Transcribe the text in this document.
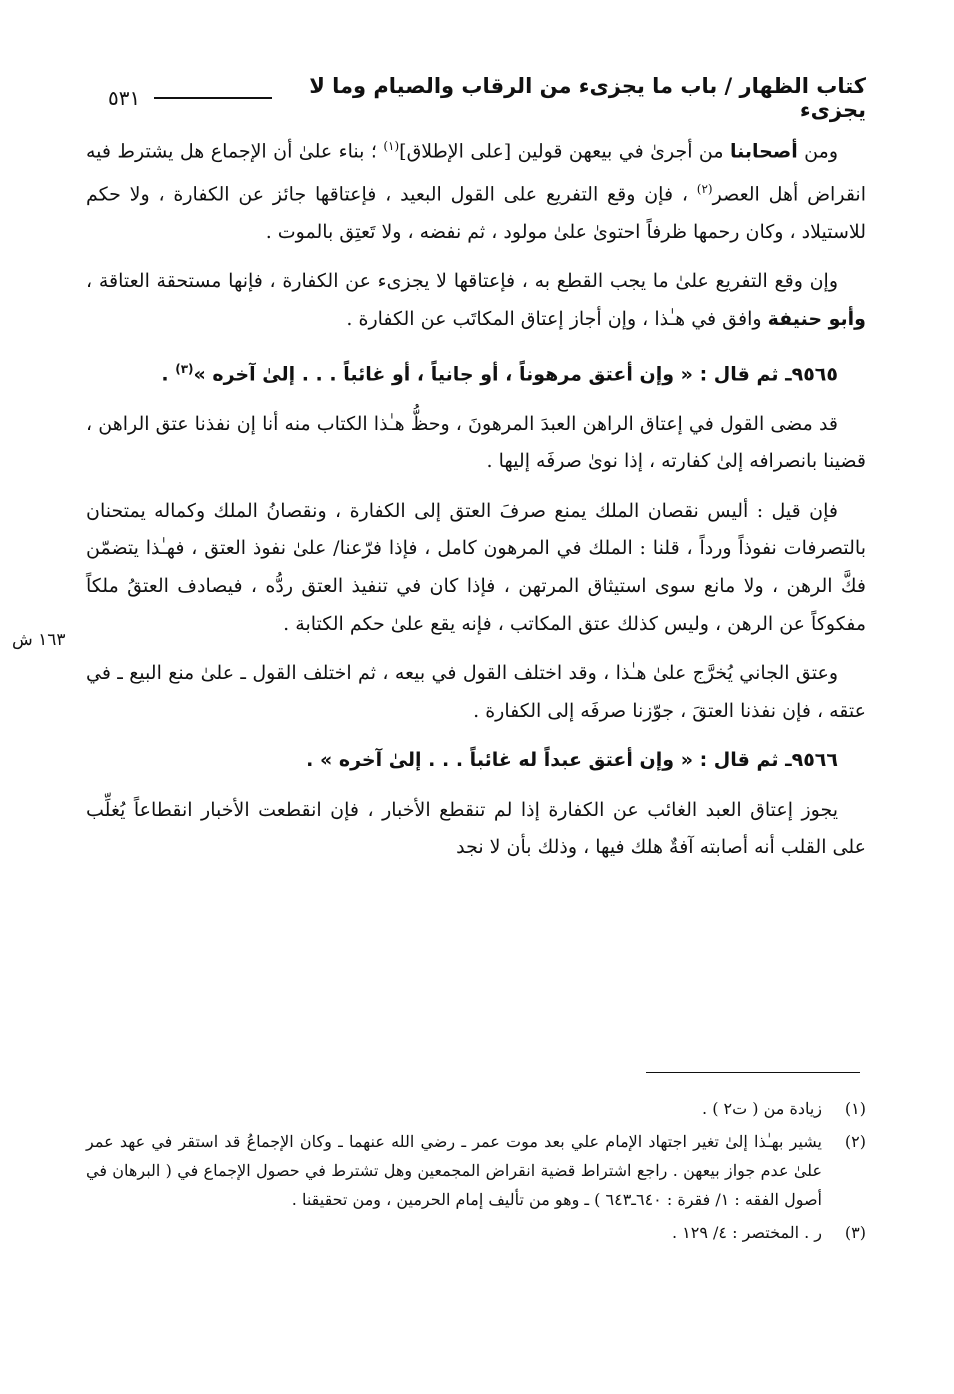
كتاب الظهار / باب ما يجزىء من الرقاب والصيام وما لا يجزىء
٥٣١

ومن أصحابنا من أجرىٰ في بيعهن قولين [على الإطلاق]$^{(١)}$ ؛ بناء علىٰ أن الإجماع هل يشترط فيه انقراض أهل العصر$^{(٢)}$ ، فإن وقع التفريع على القول البعيد ، فإعتاقها جائز عن الكفارة ، ولا حكم للاستيلاد ، وكان رحمها ظرفاً احتوىٰ علىٰ مولود ، ثم نفضه ، ولا تَعتِق بالموت .

وإن وقع التفريع علىٰ ما يجب القطع به ، فإعتاقها لا يجزىء عن الكفارة ، فإنها مستحقة العتاقة ، وأبو حنيفة وافق في هـٰذا ، وإن أجاز إعتاق المكاتَب عن الكفارة .

٩٥٦٥ـ ثم قال : « وإن أعتق مرهوناً ، أو جانياً ، أو غائباً . . . إلىٰ آخره »$^{(٣)}$ .

قد مضى القول في إعتاق الراهن العبدَ المرهونَ ، وحظُّ هـٰذا الكتاب منه أنا إن نفذنا عتق الراهن ، قضينا بانصرافه إلىٰ كفارته ، إذا نوىٰ صرفَه إليها .

فإن قيل : أليس نقصان الملك يمنع صرفَ العتق إلى الكفارة ، ونقصانُ الملك وكماله يمتحنان بالتصرفات نفوذاً ورداً ، قلنا : الملك في المرهون كامل ، فإذا فرّعنا/ علىٰ نفوذ العتق ، فهـٰذا يتضمّن فكَّ الرهن ، ولا مانع سوى استيثاق المرتهن ، فإذا كان في تنفيذ العتق ردُّه ، فيصادف العتقُ ملكاً مفكوكاً عن الرهن ، وليس كذلك عتق المكاتب ، فإنه يقع علىٰ حكم الكتابة .

وعتق الجاني يُخرَّج علىٰ هـٰذا ، وقد اختلف القول في بيعه ، ثم اختلف القول ـ علىٰ منع البيع ـ في عتقه ، فإن نفذنا العتقَ ، جوّزنا صرفَه إلى الكفارة .

٩٥٦٦ـ ثم قال : « وإن أعتق عبداً له غائباً . . . إلىٰ آخره » .

يجوز إعتاق العبد الغائب عن الكفارة إذا لم تنقطع الأخبار ، فإن انقطعت الأخبار انقطاعاً يُغلِّب على القلب أنه أصابته آفةٌ هلك فيها ، وذلك بأن لا نجد

١٦٣ ش
(١)
زيادة من ( ت٢ ) .
(٢)
يشير بهـٰذا إلىٰ تغير اجتهاد الإمام علي بعد موت عمر ـ رضي الله عنهما ـ وكان الإجماعُ قد استقر في عهد عمر علىٰ عدم جواز بيعهن . راجع اشتراط قضية انقراض المجمعين وهل تشترط في حصول الإجماع في ( البرهان في أصول الفقه : ١/ فقرة : ٦٤٠ـ٦٤٣ ) ـ وهو من تأليف إمام الحرمين ، ومن تحقيقنا .
(٣)
ر . المختصر : ٤/ ١٢٩ .
